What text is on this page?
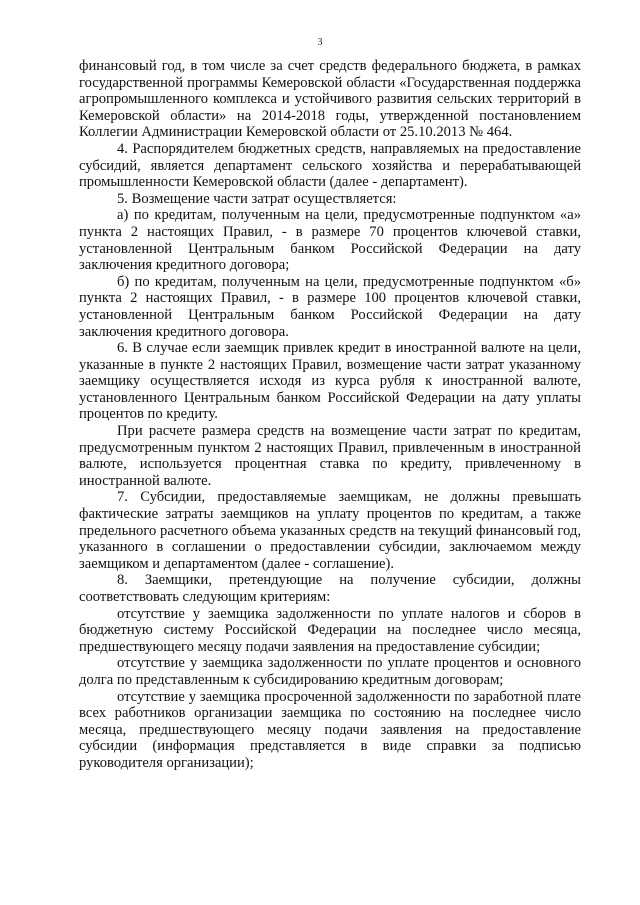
3

финансовый год, в том числе за счет средств федерального бюджета, в рамках государственной программы Кемеровской области «Государственная поддержка агропромышленного комплекса и устойчивого развития сельских территорий в Кемеровской области» на 2014-2018 годы, утвержденной постановлением Коллегии Администрации Кемеровской области от 25.10.2013 № 464.

4. Распорядителем бюджетных средств, направляемых на предоставление субсидий, является департамент сельского хозяйства и перерабатывающей промышленности Кемеровской области (далее - департамент).

5. Возмещение части затрат осуществляется:

а) по кредитам, полученным на цели, предусмотренные подпунктом «а» пункта 2 настоящих Правил, - в размере 70 процентов ключевой ставки, установленной Центральным банком Российской Федерации на дату заключения кредитного договора;

б) по кредитам, полученным на цели, предусмотренные подпунктом «б» пункта 2 настоящих Правил, - в размере 100 процентов ключевой ставки, установленной Центральным банком Российской Федерации на дату заключения кредитного договора.

6. В случае если заемщик привлек кредит в иностранной валюте на цели, указанные в пункте 2 настоящих Правил, возмещение части затрат указанному заемщику осуществляется исходя из курса рубля к иностранной валюте, установленного Центральным банком Российской Федерации на дату уплаты процентов по кредиту.

При расчете размера средств на возмещение части затрат по кредитам, предусмотренным пунктом 2 настоящих Правил, привлеченным в иностранной валюте, используется процентная ставка по кредиту, привлеченному в иностранной валюте.

7. Субсидии, предоставляемые заемщикам, не должны превышать фактические затраты заемщиков на уплату процентов по кредитам, а также предельного расчетного объема указанных средств на текущий финансовый год, указанного в соглашении о предоставлении субсидии, заключаемом между заемщиком и департаментом (далее - соглашение).

8. Заемщики, претендующие на получение субсидии, должны соответствовать следующим критериям:

отсутствие у заемщика задолженности по уплате налогов и сборов в бюджетную систему Российской Федерации на последнее число месяца, предшествующего месяцу подачи заявления на предоставление субсидии;

отсутствие у заемщика задолженности по уплате процентов и основного долга по представленным к субсидированию кредитным договорам;

отсутствие у заемщика просроченной задолженности по заработной плате всех работников организации заемщика по состоянию на последнее число месяца, предшествующего месяцу подачи заявления на предоставление субсидии (информация представляется в виде справки за подписью руководителя организации);
